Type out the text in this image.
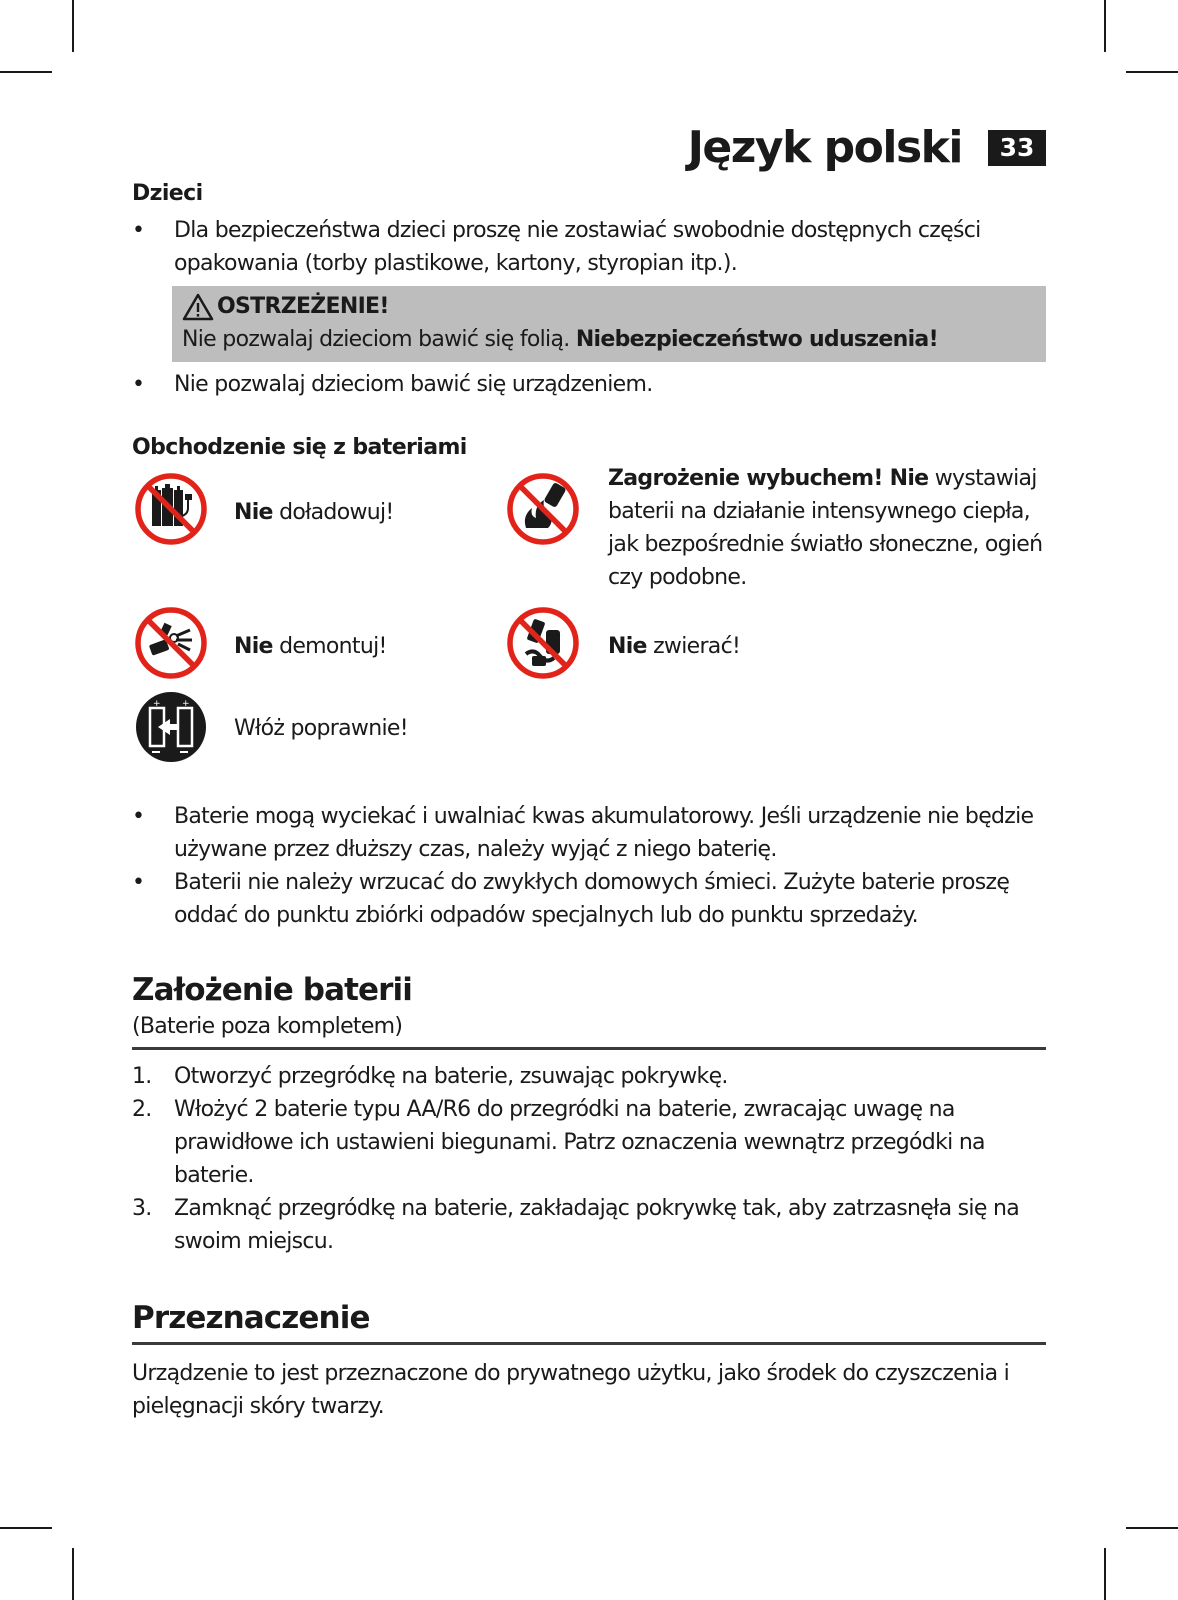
Język polski	33
Dzieci
• Dla bezpieczeństwa dzieci proszę nie zostawiać swobodnie dostępnych części opakowania (torby plastikowe, kartony, styropian itp.).
OSTRZEŻENIE!
Nie pozwalaj dzieciom bawić się folią. Niebezpieczeństwo uduszenia!
• Nie pozwalaj dzieciom bawić się urządzeniem.
Obchodzenie się z bateriami
Nie doładowuj!
Zagrożenie wybuchem! Nie wystawiaj baterii na działanie intensywnego ciepła, jak bezpośrednie światło słoneczne, ogień czy podobne.
Nie demontuj!	Nie zwierać!
+ +
Włóż poprawnie!
• Baterie mogą wyciekać i uwalniać kwas akumulatorowy. Jeśli urządzenie nie będzie używane przez dłuższy czas, należy wyjąć z niego baterię.
• Baterii nie należy wrzucać do zwykłych domowych śmieci. Zużyte baterie proszę oddać do punktu zbiórki odpadów specjalnych lub do punktu sprzedaży.
Założenie baterii
(Baterie poza kompletem)
1. Otworzyć przegródkę na baterie, zsuwając pokrywkę.
2. Włożyć 2 baterie typu AA/R6 do przegródki na baterie, zwracając uwagę na prawidłowe ich ustawieni biegunami. Patrz oznaczenia wewnątrz przegódki na baterie.
3. Zamknąć przegródkę na baterie, zakładając pokrywkę tak, aby zatrzasnęła się na swoim miejscu.
Przeznaczenie
Urządzenie to jest przeznaczone do prywatnego użytku, jako środek do czyszczenia i pielęgnacji skóry twarzy.
